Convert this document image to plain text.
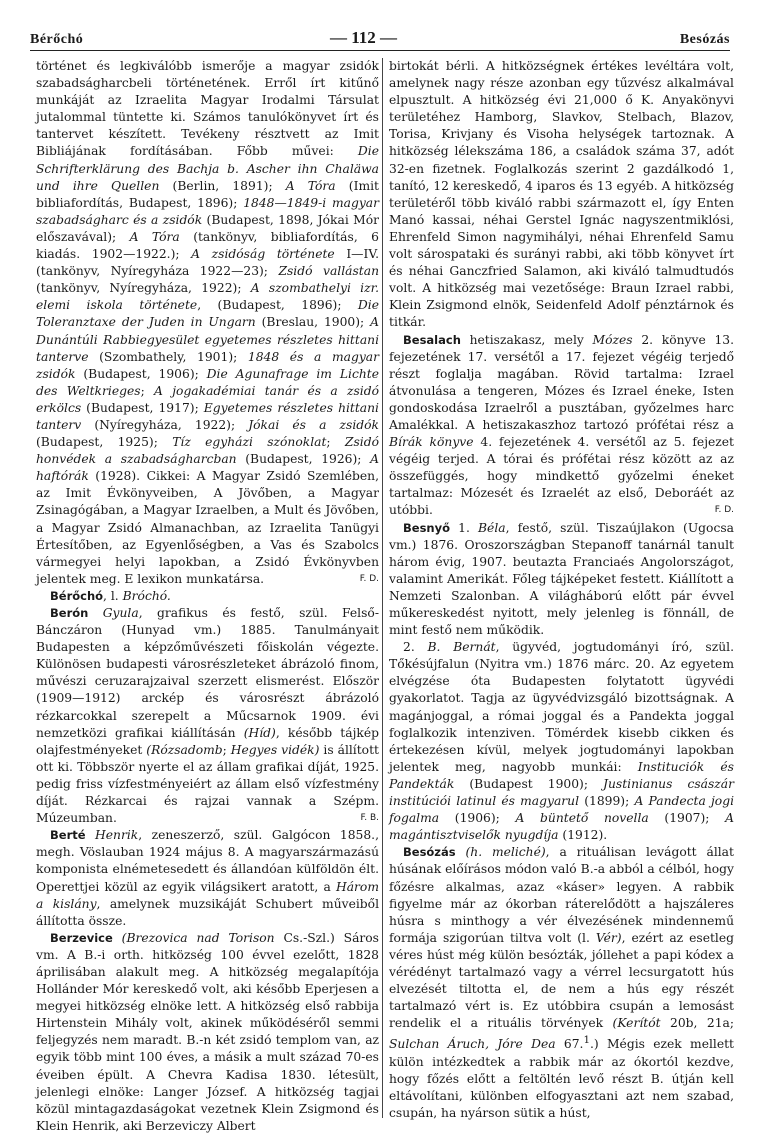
Bérőchó	— 112 —	Besózás

történet és legkiválóbb ismerője a magyar zsidók szabadságharcbeli történetének. Erről írt kitűnő munkáját az Izraelita Magyar Irodalmi Társulat jutalommal tüntette ki. Számos tanulókönyvet írt és tantervet készített. Tevékeny résztvett az Imit Bibliájának fordításában. Főbb művei: Die Schrifterklärung des Bachja b. Ascher ihn Chaläwa und ihre Quellen (Berlin, 1891); A Tóra (Imit bibliafordítás, Budapest, 1896); 1848—1849-i magyar szabadságharc és a zsidók (Budapest, 1898, Jókai Mór előszavával); A Tóra (tankönyv, bibliafordítás, 6 kiadás. 1902—1922.); A zsidóság története I—IV. (tankönyv, Nyíregyháza 1922—23); Zsidó vallástan (tankönyv, Nyíregyháza, 1922); A szombathelyi izr. elemi iskola története, (Budapest, 1896); Die Toleranztaxe der Juden in Ungarn (Breslau, 1900); A Dunántúli Rabbiegyesület egyetemes részletes hittani tanterve (Szombathely, 1901); 1848 és a magyar zsidók (Budapest, 1906); Die Agunafrage im Lichte des Weltkrieges; A jogakadémiai tanár és a zsidó erkölcs (Budapest, 1917); Egyetemes részletes hittani tanterv (Nyíregyháza, 1922); Jókai és a zsidók (Budapest, 1925); Tíz egyházi szónoklat; Zsidó honvédek a szabadságharcban (Budapest, 1926); A haftórák (1928). Cikkei: A Magyar Zsidó Szemlében, az Imit Évkönyveiben, A Jövőben, a Magyar Zsinagógában, a Magyar Izraelben, a Mult és Jövőben, a Magyar Zsidó Almanachban, az Izraelita Tanügyi Értesítőben, az Egyenlőségben, a Vas és Szabolcs vármegyei helyi lapokban, a Zsidó Évkönyvben jelentek meg. E lexikon munkatársa.	F. D.

Bérőchó, l. Bróchó.

Berón Gyula, grafikus és festő, szül. Felső-Bánczáron (Hunyad vm.) 1885. Tanulmányait Budapesten a képzőművészeti főiskolán végezte. Különösen budapesti városrészleteket ábrázoló finom, művészi ceruzarajzaival szerzett elismerést. Először (1909—1912) arckép és városrészt ábrázoló rézkarcokkal szerepelt a Műcsarnok 1909. évi nemzetközi grafikai kiállításán (Híd), később tájkép olajfestményeket (Rózsadomb; Hegyes vidék) is állított ott ki. Többször nyerte el az állam grafikai díját, 1925. pedig friss vízfestményeiért az állam első vízfestmény díját. Rézkarcai és rajzai vannak a Szépm. Múzeumban.	F. B.

Berté Henrik, zeneszerző, szül. Galgócon 1858., megh. Vöslauban 1924 május 8. A magyarszármazású komponista elnémetesedett és állandóan külföldön élt. Operettjei közül az egyik világsikert aratott, a Három a kislány, amelynek muzsikáját Schubert műveiből állította össze.

Berzevice (Brezovica nad Torison Cs.-Szl.) Sáros vm. A B.-i orth. hitközség 100 évvel ezelőtt, 1828 áprilisában alakult meg. A hitközség megalapítója Hollánder Mór kereskedő volt, aki később Eperjesen a megyei hitközség elnöke lett. A hitközség első rabbija Hirtenstein Mihály volt, akinek működéséről semmi feljegyzés nem maradt. B.-n két zsidó templom van, az egyik több mint 100 éves, a másik a mult század 70-es éveiben épült. A Chevra Kadisa 1830. létesült, jelenlegi elnöke: Langer József. A hitközség tagjai közül mintagazdaságokat vezetnek Klein Zsigmond és Klein Henrik, aki Berzeviczy Albert

birtokát bérli. A hitközségnek értékes levéltára volt, amelynek nagy része azonban egy tűzvész alkalmával elpusztult. A hitközség évi 21,000 ő K. Anyakönyvi területéhez Hamborg, Slavkov, Stelbach, Blazov, Torisa, Krivjany és Visoha helységek tartoznak. A hitközség lélekszáma 186, a családok száma 37, adót 32-en fizetnek. Foglalkozás szerint 2 gazdálkodó 1, tanító, 12 kereskedő, 4 iparos és 13 egyéb. A hitközség területéről több kiváló rabbi származott el, így Enten Manó kassai, néhai Gerstel Ignác nagyszentmiklósi, Ehrenfeld Simon nagymihályi, néhai Ehrenfeld Samu volt sárospataki és surányi rabbi, aki több könyvet írt és néhai Ganczfried Salamon, aki kiváló talmudtudós volt. A hitközség mai vezetősége: Braun Izrael rabbi, Klein Zsigmond elnök, Seidenfeld Adolf pénztárnok és titkár.

Besalach hetiszakasz, mely Mózes 2. könyve 13. fejezetének 17. versétől a 17. fejezet végéig terjedő részt foglalja magában. Rövid tartalma: Izrael átvonulása a tengeren, Mózes és Izrael éneke, Isten gondoskodása Izraelről a pusztában, győzelmes harc Amalékkal. A hetiszakaszhoz tartozó prófétai rész a Bírák könyve 4. fejezetének 4. versétől az 5. fejezet végéig terjed. A tórai és prófétai rész között az az összefüggés, hogy mindkettő győzelmi éneket tartalmaz: Mózesét és Izraelét az első, Deboráét az utóbbi.	F. D.

Besnyő 1. Béla, festő, szül. Tiszaújlakon (Ugocsa vm.) 1876. Oroszországban Stepanoff tanárnál tanult három évig, 1907. beutazta Franciaés Angolországot, valamint Amerikát. Főleg tájképeket festett. Kiállított a Nemzeti Szalonban. A világháború előtt pár évvel műkereskedést nyitott, mely jelenleg is fönnáll, de mint festő nem működik.

2. B. Bernát, ügyvéd, jogtudományi író, szül. Tőkésújfalun (Nyitra vm.) 1876 márc. 20. Az egyetem elvégzése óta Budapesten folytatott ügyvédi gyakorlatot. Tagja az ügyvédvizsgáló bizottságnak. A magánjoggal, a római joggal és a Pandekta joggal foglalkozik intenziven. Tömérdek kisebb cikken és értekezésen kívül, melyek jogtudományi lapokban jelentek meg, nagyobb munkái: Instituciók és Pandekták (Budapest 1900); Justinianus császár institúciói latinul és magyarul (1899); A Pandecta jogi fogalma (1906); A büntető novella (1907); A magántisztviselők nyugdíja (1912).

Besózás (h. meliché), a rituálisan levágott állat húsának előírásos módon való B.-a abból a célból, hogy főzésre alkalmas, azaz «káser» legyen. A rabbik figyelme már az ókorban ráterelődött a hajszáleres húsra s minthogy a vér élvezésének mindennemű formája szigorúan tiltva volt (l. Vér), ezért az esetleg véres húst még külön besózták, jóllehet a papi kódex a vérédényt tartalmazó vagy a vérrel lecsurgatott hús elvezését tiltotta el, de nem a hús egy részét tartalmazó vért is. Ez utóbbira csupán a lemosást rendelik el a rituális törvények (Kerítót 20b, 21a; Sulchan Áruch, Jóre Dea 67.$^1$.) Mégis ezek mellett külön intézkedtek a rabbik már az ókortól kezdve, hogy főzés előtt a feltöltén levő részt B. útján kell eltávolítani, különben elfogyasztani azt nem szabad, csupán, ha nyárson sütik a húst,
